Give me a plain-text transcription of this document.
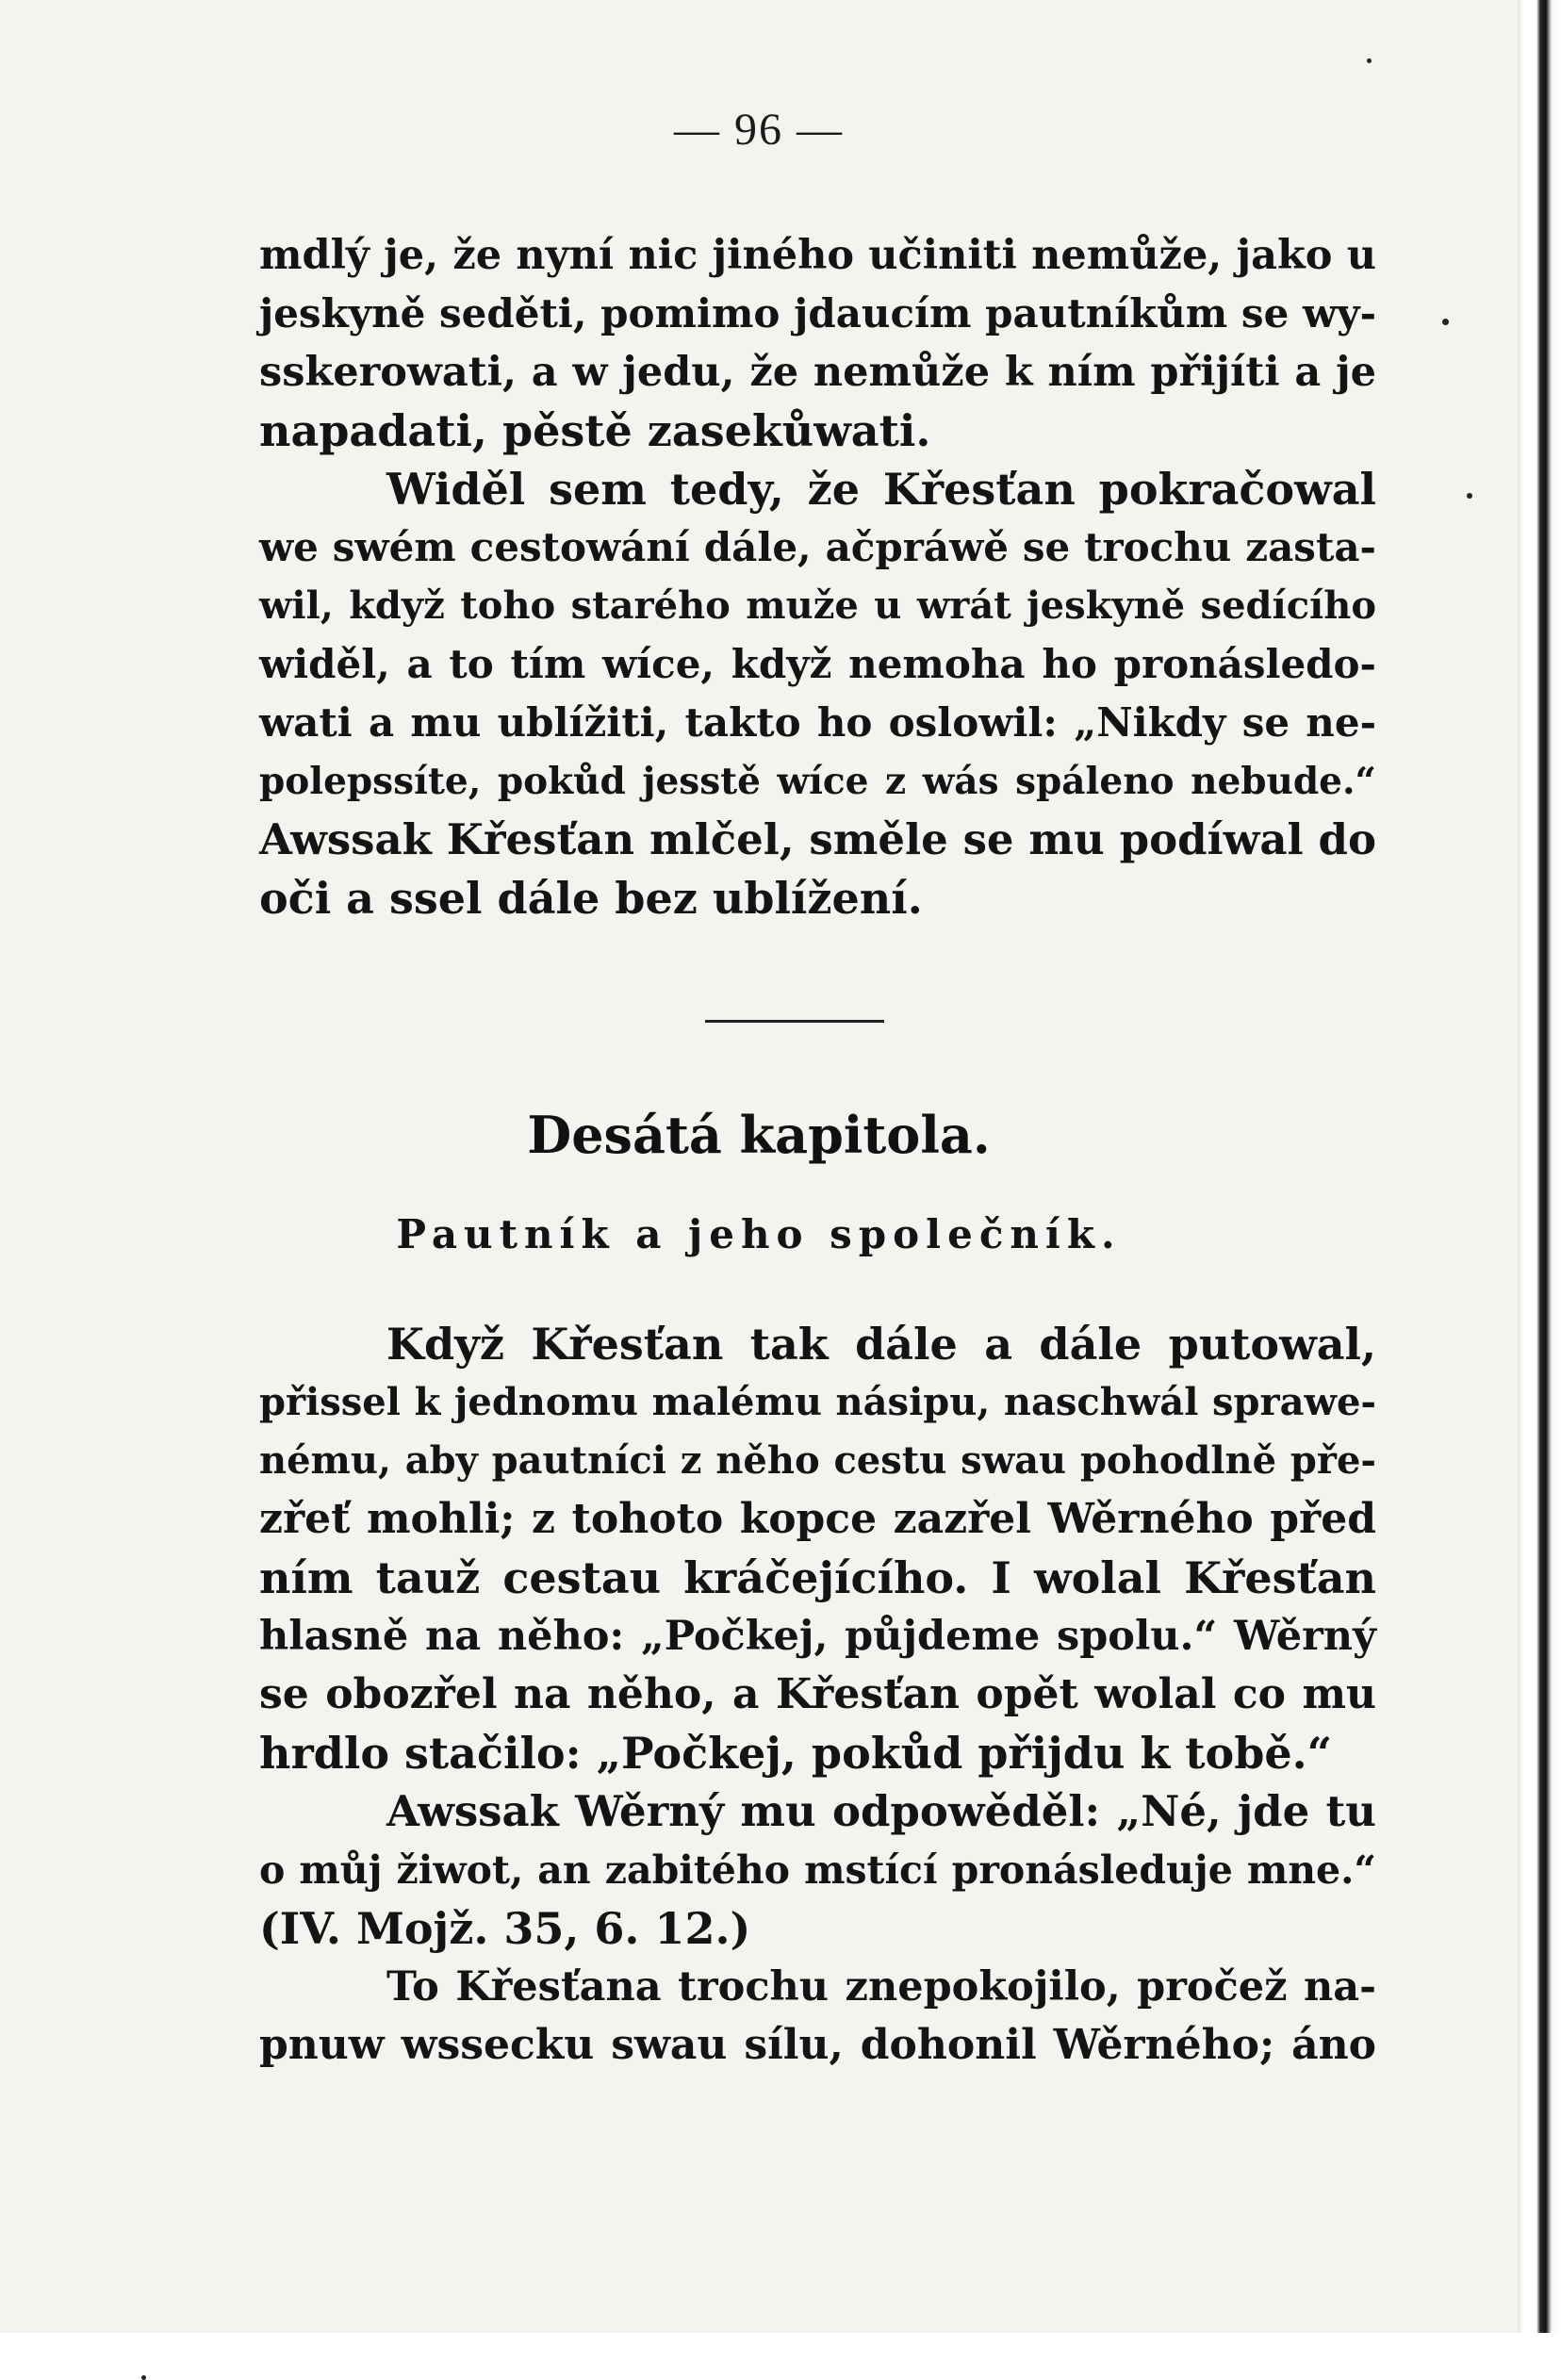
— 96 —
mdlý je, že nyní nic jiného učiniti nemůže, jako u
jeskyně seděti, pomimo jdaucím pautníkům se wy-
sskerowati, a w jedu, že nemůže k ním přijíti a je
napadati, pěstě zasekůwati.
Widěl sem tedy, že Křesťan pokračowal
we swém cestowání dále, ačpráwě se trochu zasta-
wil, když toho starého muže u wrát jeskyně sedícího
widěl, a to tím wíce, když nemoha ho pronásledo-
wati a mu ublížiti, takto ho oslowil: „Nikdy se ne-
polepssíte, pokůd jesstě wíce z wás spáleno nebude.“
Awssak Křesťan mlčel, směle se mu podíwal do
oči a ssel dále bez ublížení.
Desátá kapitola.
Pautník a jeho společník.
Když Křesťan tak dále a dále putowal,
přissel k jednomu malému násipu, naschwál sprawe-
nému, aby pautníci z něho cestu swau pohodlně pře-
zřeť mohli; z tohoto kopce zazřel Wěrného před
ním tauž cestau kráčejícího. I wolal Křesťan
hlasně na něho: „Počkej, půjdeme spolu.“ Wěrný
se obozřel na něho, a Křesťan opět wolal co mu
hrdlo stačilo: „Počkej, pokůd přijdu k tobě.“
Awssak Wěrný mu odpowěděl: „Né, jde tu
o můj žiwot, an zabitého mstící pronásleduje mne.“
(IV. Mojž. 35, 6. 12.)
To Křesťana trochu znepokojilo, pročež na-
pnuw wssecku swau sílu, dohonil Wěrného; áno
